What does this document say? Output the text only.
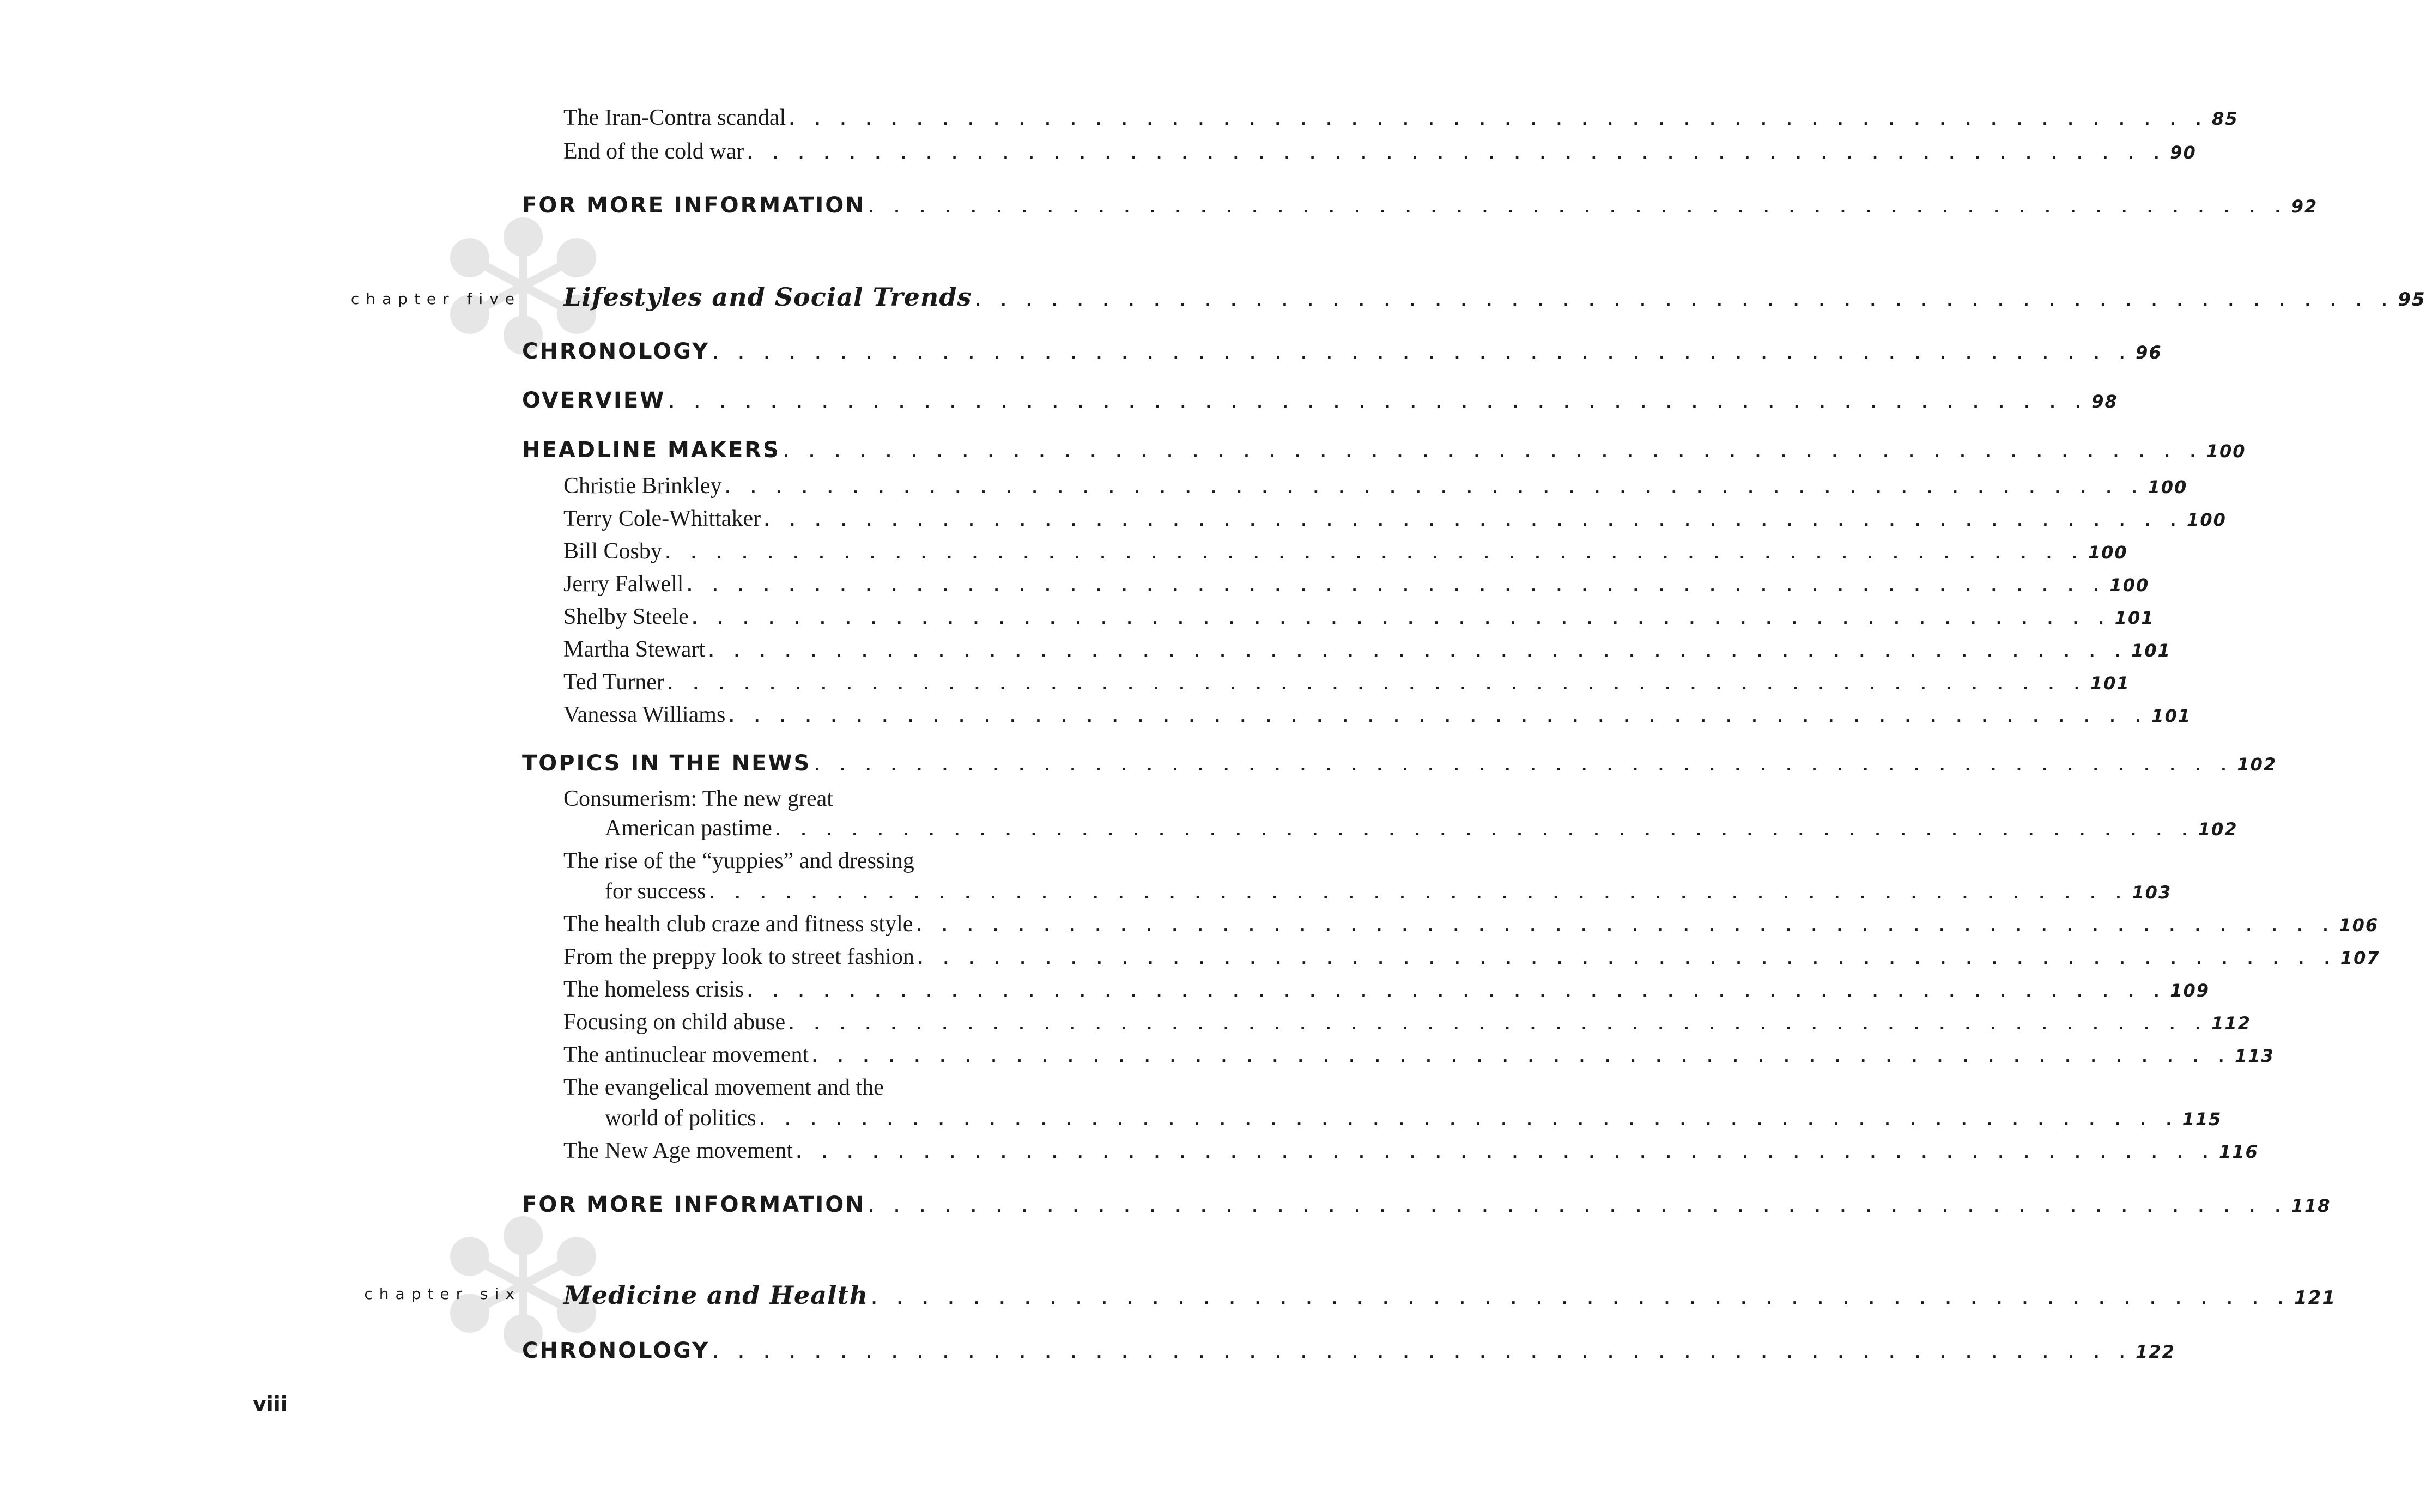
chapter five
chapter six
The Iran-Contra scandal . . . . . . . . . . . . . . . . . . . . . . . . . . . . . . . . . . . . . . . . . . . . . . . . . . . . . . . . 85
End of the cold war . . . . . . . . . . . . . . . . . . . . . . . . . . . . . . . . . . . . . . . . . . . . . . . . . . . . . . . . 90
FOR MORE INFORMATION . . . . . . . . . . . . . . . . . . . . . . . . . . . . . . . . . . . . . . . . . . . . . . . . . . . . . . . . 92
Lifestyles and Social Trends . . . . . . . . . . . . . . . . . . . . . . . . . . . . . . . . . . . . . . . . . . . . . . . . . . . . . . . . 95
CHRONOLOGY . . . . . . . . . . . . . . . . . . . . . . . . . . . . . . . . . . . . . . . . . . . . . . . . . . . . . . . . 96
OVERVIEW . . . . . . . . . . . . . . . . . . . . . . . . . . . . . . . . . . . . . . . . . . . . . . . . . . . . . . . . 98
HEADLINE MAKERS . . . . . . . . . . . . . . . . . . . . . . . . . . . . . . . . . . . . . . . . . . . . . . . . . . . . . . . . 100
Christie Brinkley . . . . . . . . . . . . . . . . . . . . . . . . . . . . . . . . . . . . . . . . . . . . . . . . . . . . . . . . 100
Terry Cole-Whittaker . . . . . . . . . . . . . . . . . . . . . . . . . . . . . . . . . . . . . . . . . . . . . . . . . . . . . . . . 100
Bill Cosby . . . . . . . . . . . . . . . . . . . . . . . . . . . . . . . . . . . . . . . . . . . . . . . . . . . . . . . . 100
Jerry Falwell . . . . . . . . . . . . . . . . . . . . . . . . . . . . . . . . . . . . . . . . . . . . . . . . . . . . . . . . 100
Shelby Steele . . . . . . . . . . . . . . . . . . . . . . . . . . . . . . . . . . . . . . . . . . . . . . . . . . . . . . . . 101
Martha Stewart . . . . . . . . . . . . . . . . . . . . . . . . . . . . . . . . . . . . . . . . . . . . . . . . . . . . . . . . 101
Ted Turner . . . . . . . . . . . . . . . . . . . . . . . . . . . . . . . . . . . . . . . . . . . . . . . . . . . . . . . . 101
Vanessa Williams . . . . . . . . . . . . . . . . . . . . . . . . . . . . . . . . . . . . . . . . . . . . . . . . . . . . . . . . 101
TOPICS IN THE NEWS . . . . . . . . . . . . . . . . . . . . . . . . . . . . . . . . . . . . . . . . . . . . . . . . . . . . . . . . 102
Consumerism: The new great
American pastime . . . . . . . . . . . . . . . . . . . . . . . . . . . . . . . . . . . . . . . . . . . . . . . . . . . . . . . . 102
The rise of the “yuppies” and dressing
for success . . . . . . . . . . . . . . . . . . . . . . . . . . . . . . . . . . . . . . . . . . . . . . . . . . . . . . . . 103
The health club craze and fitness style . . . . . . . . . . . . . . . . . . . . . . . . . . . . . . . . . . . . . . . . . . . . . . . . . . . . . . . . 106
From the preppy look to street fashion . . . . . . . . . . . . . . . . . . . . . . . . . . . . . . . . . . . . . . . . . . . . . . . . . . . . . . . . 107
The homeless crisis . . . . . . . . . . . . . . . . . . . . . . . . . . . . . . . . . . . . . . . . . . . . . . . . . . . . . . . . 109
Focusing on child abuse . . . . . . . . . . . . . . . . . . . . . . . . . . . . . . . . . . . . . . . . . . . . . . . . . . . . . . . . 112
The antinuclear movement . . . . . . . . . . . . . . . . . . . . . . . . . . . . . . . . . . . . . . . . . . . . . . . . . . . . . . . . 113
The evangelical movement and the
world of politics . . . . . . . . . . . . . . . . . . . . . . . . . . . . . . . . . . . . . . . . . . . . . . . . . . . . . . . . 115
The New Age movement . . . . . . . . . . . . . . . . . . . . . . . . . . . . . . . . . . . . . . . . . . . . . . . . . . . . . . . . 116
FOR MORE INFORMATION . . . . . . . . . . . . . . . . . . . . . . . . . . . . . . . . . . . . . . . . . . . . . . . . . . . . . . . . 118
Medicine and Health . . . . . . . . . . . . . . . . . . . . . . . . . . . . . . . . . . . . . . . . . . . . . . . . . . . . . . . . 121
CHRONOLOGY . . . . . . . . . . . . . . . . . . . . . . . . . . . . . . . . . . . . . . . . . . . . . . . . . . . . . . . . 122
viii
